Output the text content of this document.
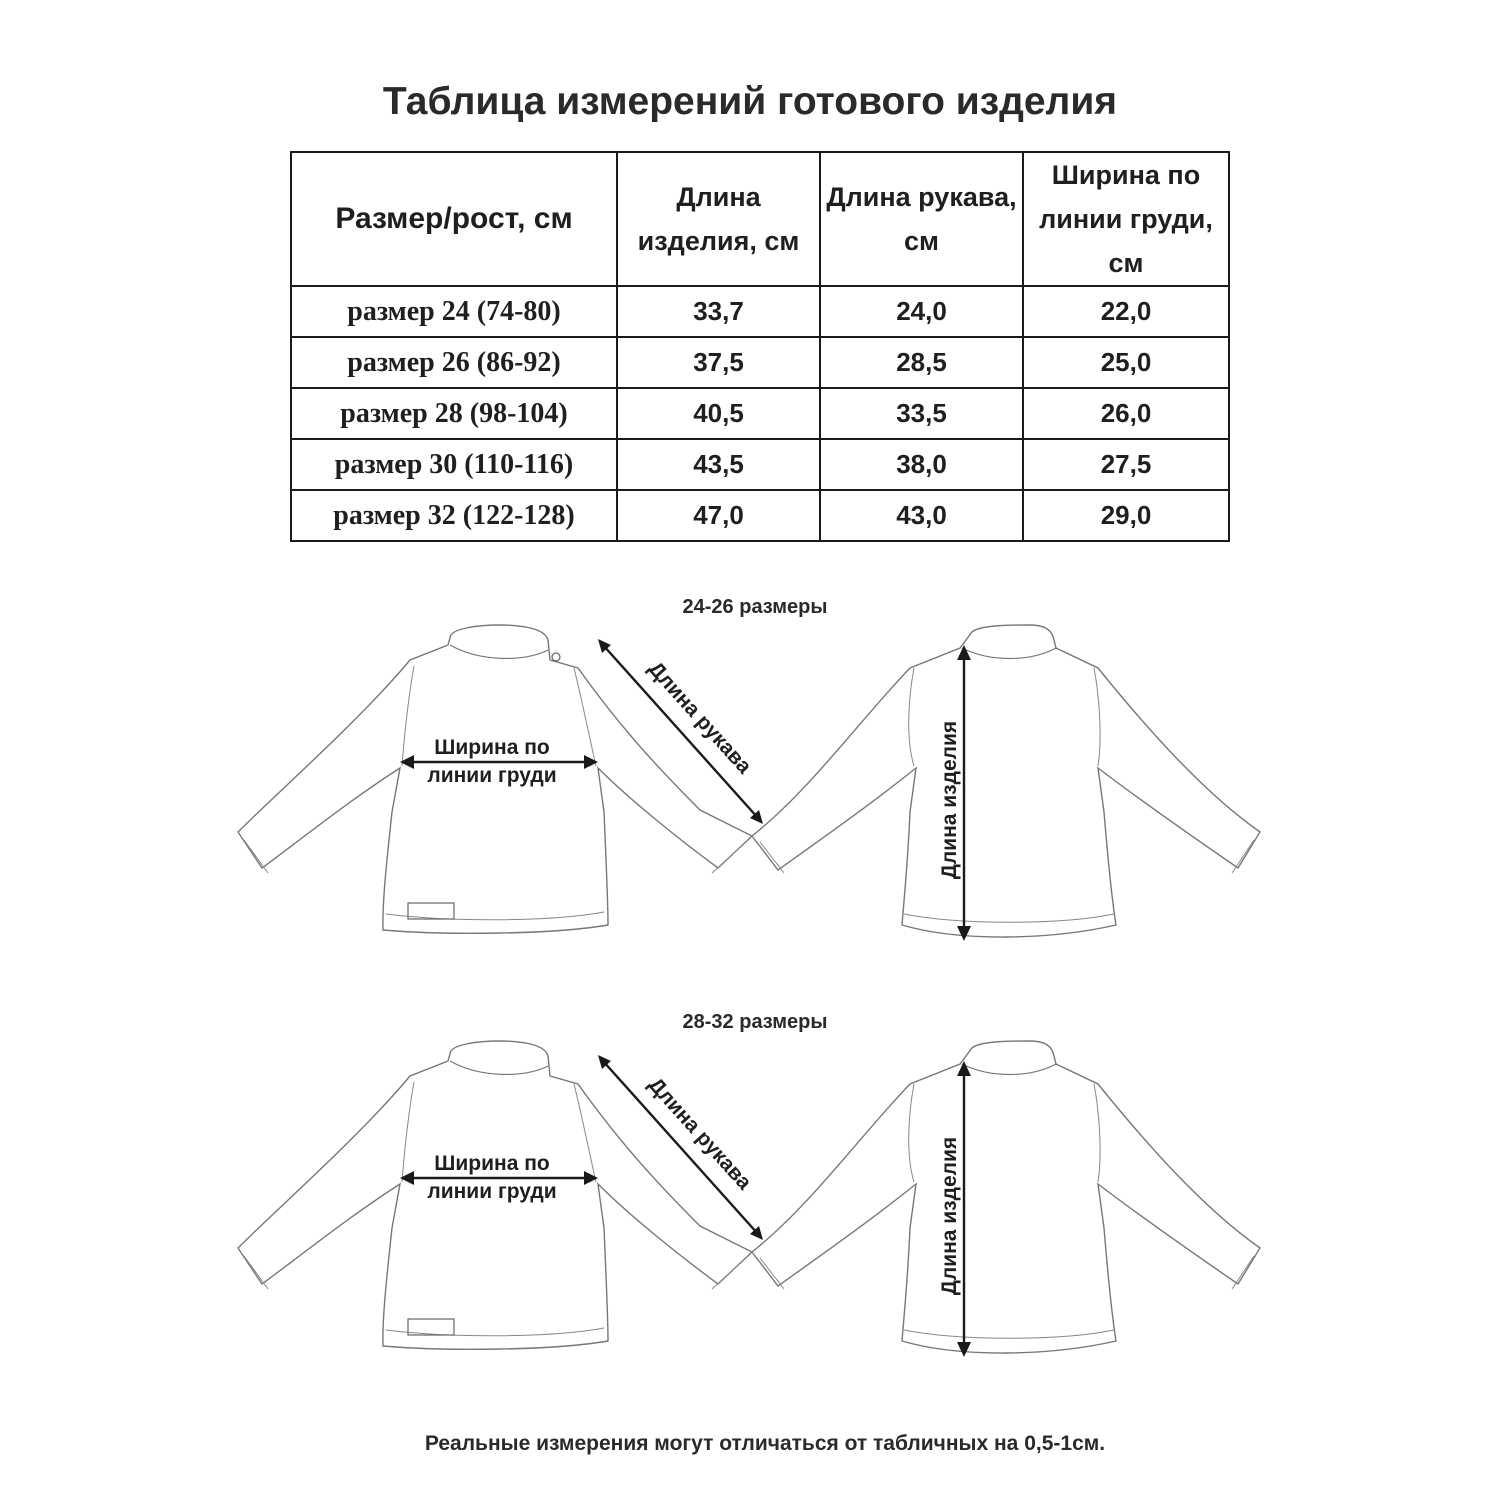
Таблица измерений готового изделия
Размер/рост, см	Длина изделия, см	Длина рукава, см	Ширина по линии груди, см
размер 24 (74-80)	33,7	24,0	22,0
размер 26 (86-92)	37,5	28,5	25,0
размер 28 (98-104)	40,5	33,5	26,0
размер 30 (110-116)	43,5	38,0	27,5
размер 32 (122-128)	47,0	43,0	29,0
24-26 размеры
Ширина по
линии груди	Длина рукава
Длина изделия
28-32 размеры
Ширина по
линии груди	Длина рукава
Длина изделия
Реальные измерения могут отличаться от табличных на 0,5-1см.
